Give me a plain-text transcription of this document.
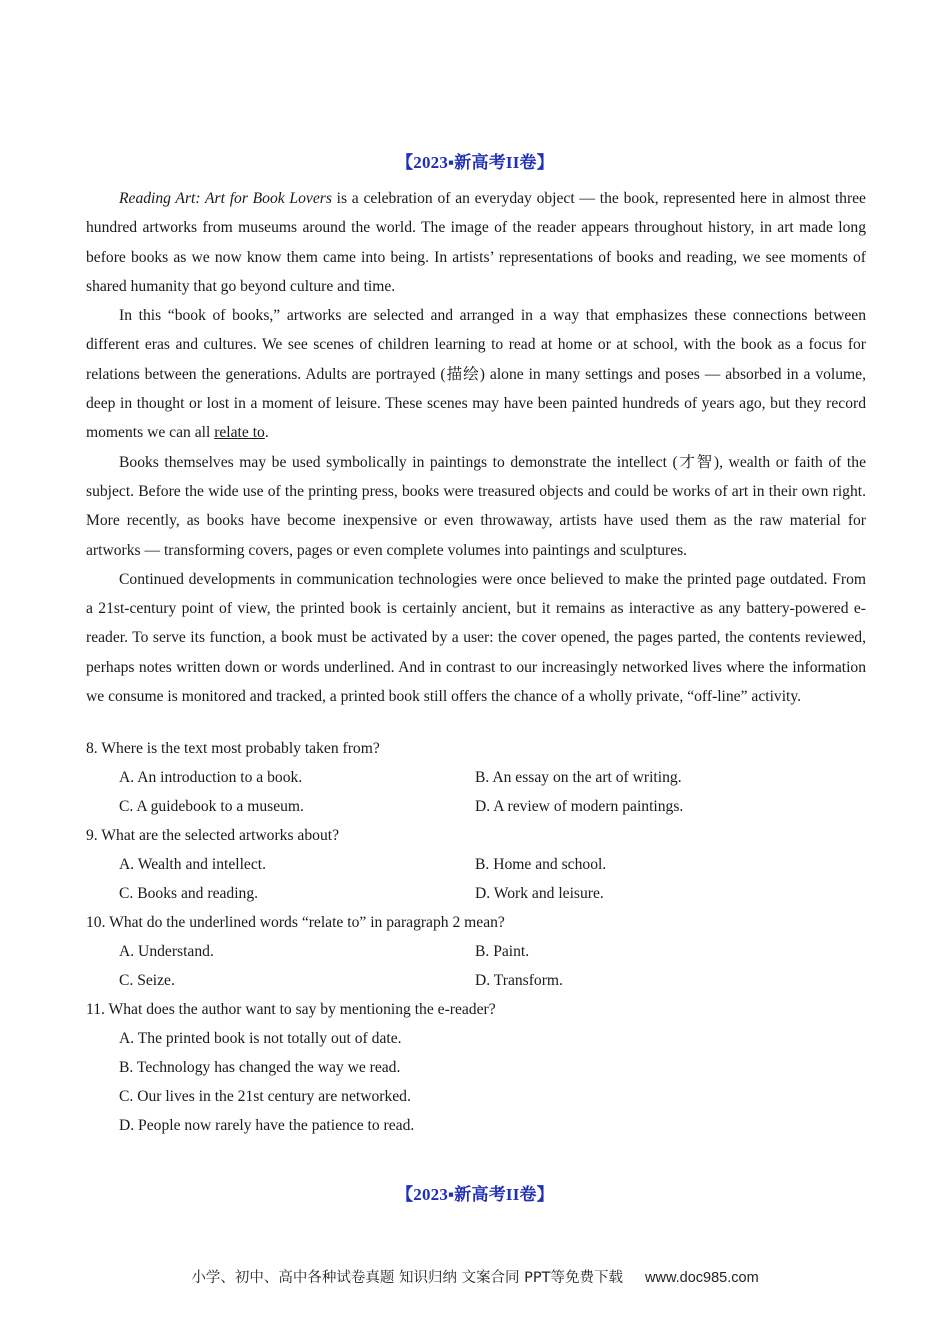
【2023▪新高考II卷】

Reading Art: Art for Book Lovers is a celebration of an everyday object — the book, represented here in almost three hundred artworks from museums around the world. The image of the reader appears throughout history, in art made long before books as we now know them came into being. In artists’ representations of books and reading, we see moments of shared humanity that go beyond culture and time.

In this “book of books,” artworks are selected and arranged in a way that emphasizes these connections between different eras and cultures. We see scenes of children learning to read at home or at school, with the book as a focus for relations between the generations. Adults are portrayed (描绘) alone in many settings and poses — absorbed in a volume, deep in thought or lost in a moment of leisure. These scenes may have been painted hundreds of years ago, but they record moments we can all relate to.

Books themselves may be used symbolically in paintings to demonstrate the intellect (才智), wealth or faith of the subject. Before the wide use of the printing press, books were treasured objects and could be works of art in their own right. More recently, as books have become inexpensive or even throwaway, artists have used them as the raw material for artworks — transforming covers, pages or even complete volumes into paintings and sculptures.

Continued developments in communication technologies were once believed to make the printed page outdated. From a 21st-century point of view, the printed book is certainly ancient, but it remains as interactive as any battery-powered e-reader. To serve its function, a book must be activated by a user: the cover opened, the pages parted, the contents reviewed, perhaps notes written down or words underlined. And in contrast to our increasingly networked lives where the information we consume is monitored and tracked, a printed book still offers the chance of a wholly private, “off-line” activity.

8. Where is the text most probably taken from?

A. An introduction to a book.	B. An essay on the art of writing.
C. A guidebook to a museum.	D. A review of modern paintings.

9. What are the selected artworks about?

A. Wealth and intellect.	B. Home and school.
C. Books and reading.	D. Work and leisure.

10. What do the underlined words “relate to” in paragraph 2 mean?

A. Understand.	B. Paint.
C. Seize.	D. Transform.

11. What does the author want to say by mentioning the e-reader?

A. The printed book is not totally out of date.
B. Technology has changed the way we read.
C. Our lives in the 21st century are networked.
D. People now rarely have the patience to read.
【2023▪新高考II卷】
小学、初中、高中各种试卷真题 知识归纳 文案合同 PPT等免费下载 www.doc985.com
